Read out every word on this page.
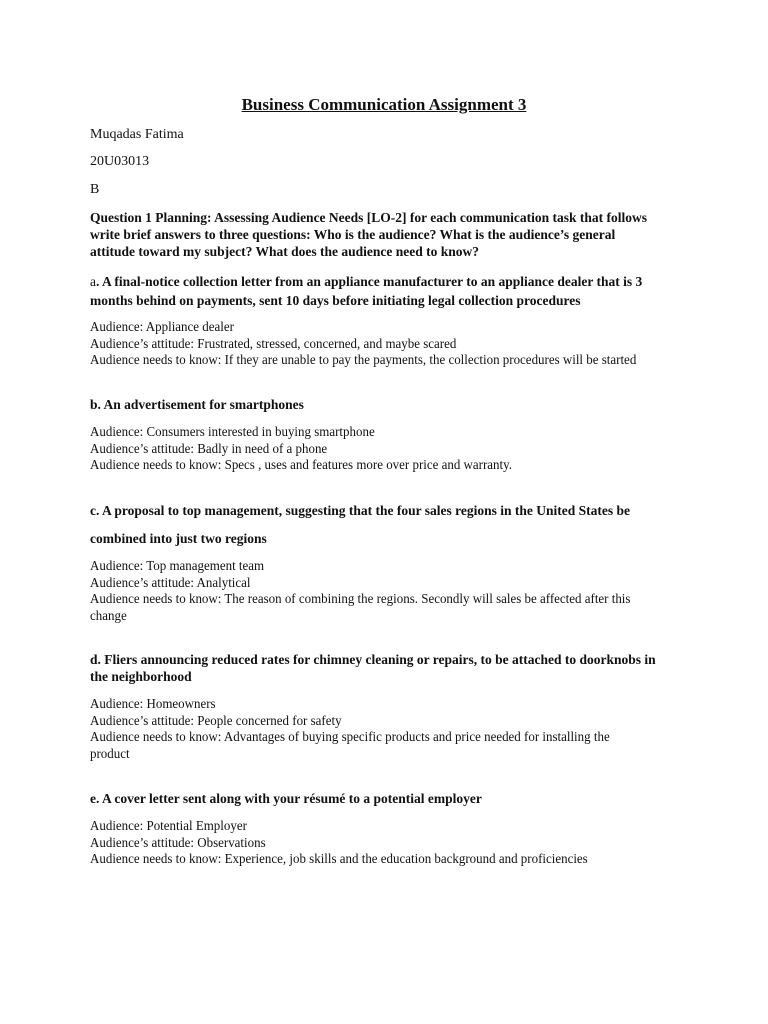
Business Communication Assignment 3
Muqadas Fatima
20U03013
B
Question 1 Planning: Assessing Audience Needs [LO-2] for each communication task that follows
write brief answers to three questions: Who is the audience? What is the audience’s general
attitude toward my subject? What does the audience need to know?
a. A final-notice collection letter from an appliance manufacturer to an appliance dealer that is 3
months behind on payments, sent 10 days before initiating legal collection procedures
Audience: Appliance dealer
Audience’s attitude: Frustrated, stressed, concerned, and maybe scared
Audience needs to know: If they are unable to pay the payments, the collection procedures will be started
b. An advertisement for smartphones
Audience: Consumers interested in buying smartphone
Audience’s attitude: Badly in need of a phone
Audience needs to know: Specs , uses and features more over price and warranty.
c. A proposal to top management, suggesting that the four sales regions in the United States be
combined into just two regions
Audience: Top management team
Audience’s attitude: Analytical
Audience needs to know: The reason of combining the regions. Secondly will sales be affected after this
change
d. Fliers announcing reduced rates for chimney cleaning or repairs, to be attached to doorknobs in
the neighborhood
Audience: Homeowners
Audience’s attitude: People concerned for safety
Audience needs to know: Advantages of buying specific products and price needed for installing the
product
e. A cover letter sent along with your résumé to a potential employer
Audience: Potential Employer
Audience’s attitude: Observations
Audience needs to know: Experience, job skills and the education background and proficiencies
